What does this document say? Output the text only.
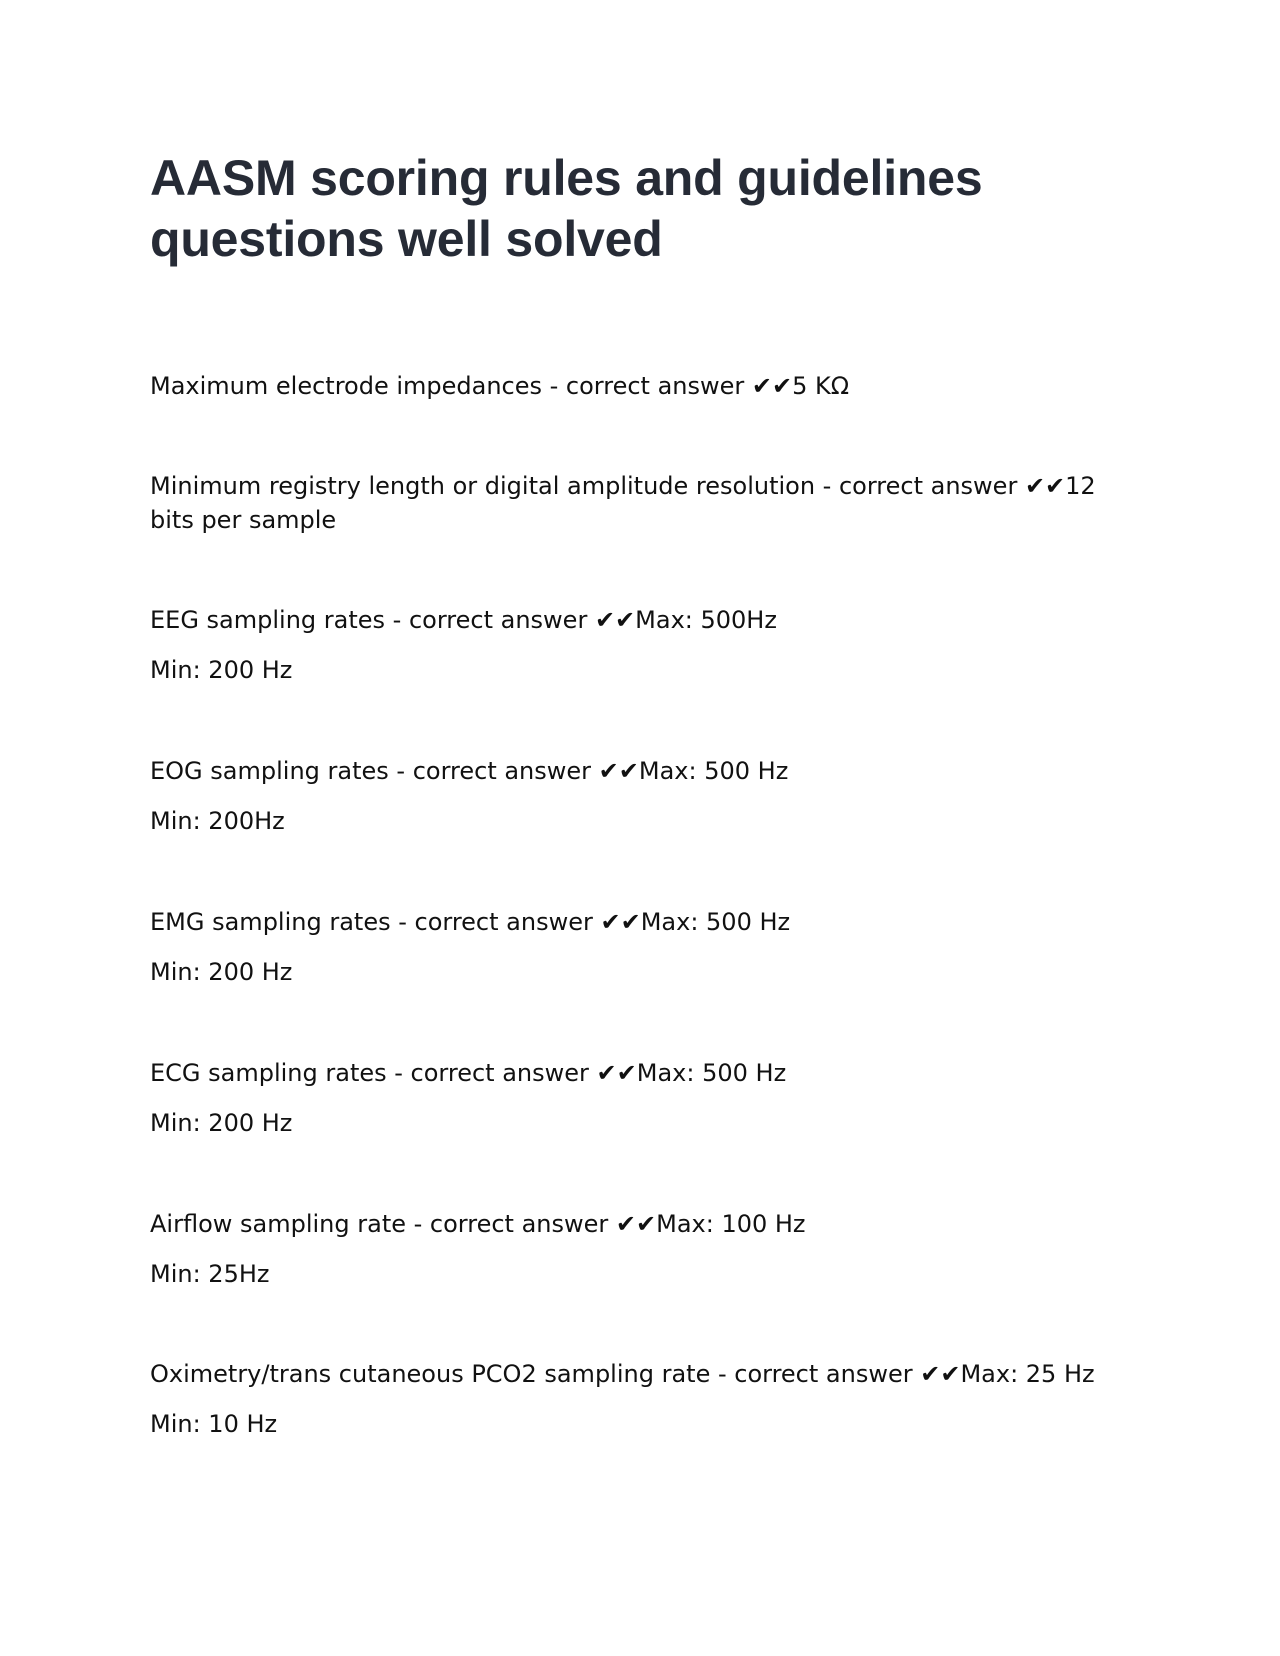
AASM scoring rules and guidelines questions well solved

Maximum electrode impedances - correct answer ✔✔5 KΩ

Minimum registry length or digital amplitude resolution - correct answer ✔✔12 bits per sample

EEG sampling rates - correct answer ✔✔Max: 500Hz
Min: 200 Hz

EOG sampling rates - correct answer ✔✔Max: 500 Hz
Min: 200Hz

EMG sampling rates - correct answer ✔✔Max: 500 Hz
Min: 200 Hz

ECG sampling rates - correct answer ✔✔Max: 500 Hz
Min: 200 Hz

Airflow sampling rate - correct answer ✔✔Max: 100 Hz
Min: 25Hz

Oximetry/trans cutaneous PCO2 sampling rate - correct answer ✔✔Max: 25 Hz
Min: 10 Hz
